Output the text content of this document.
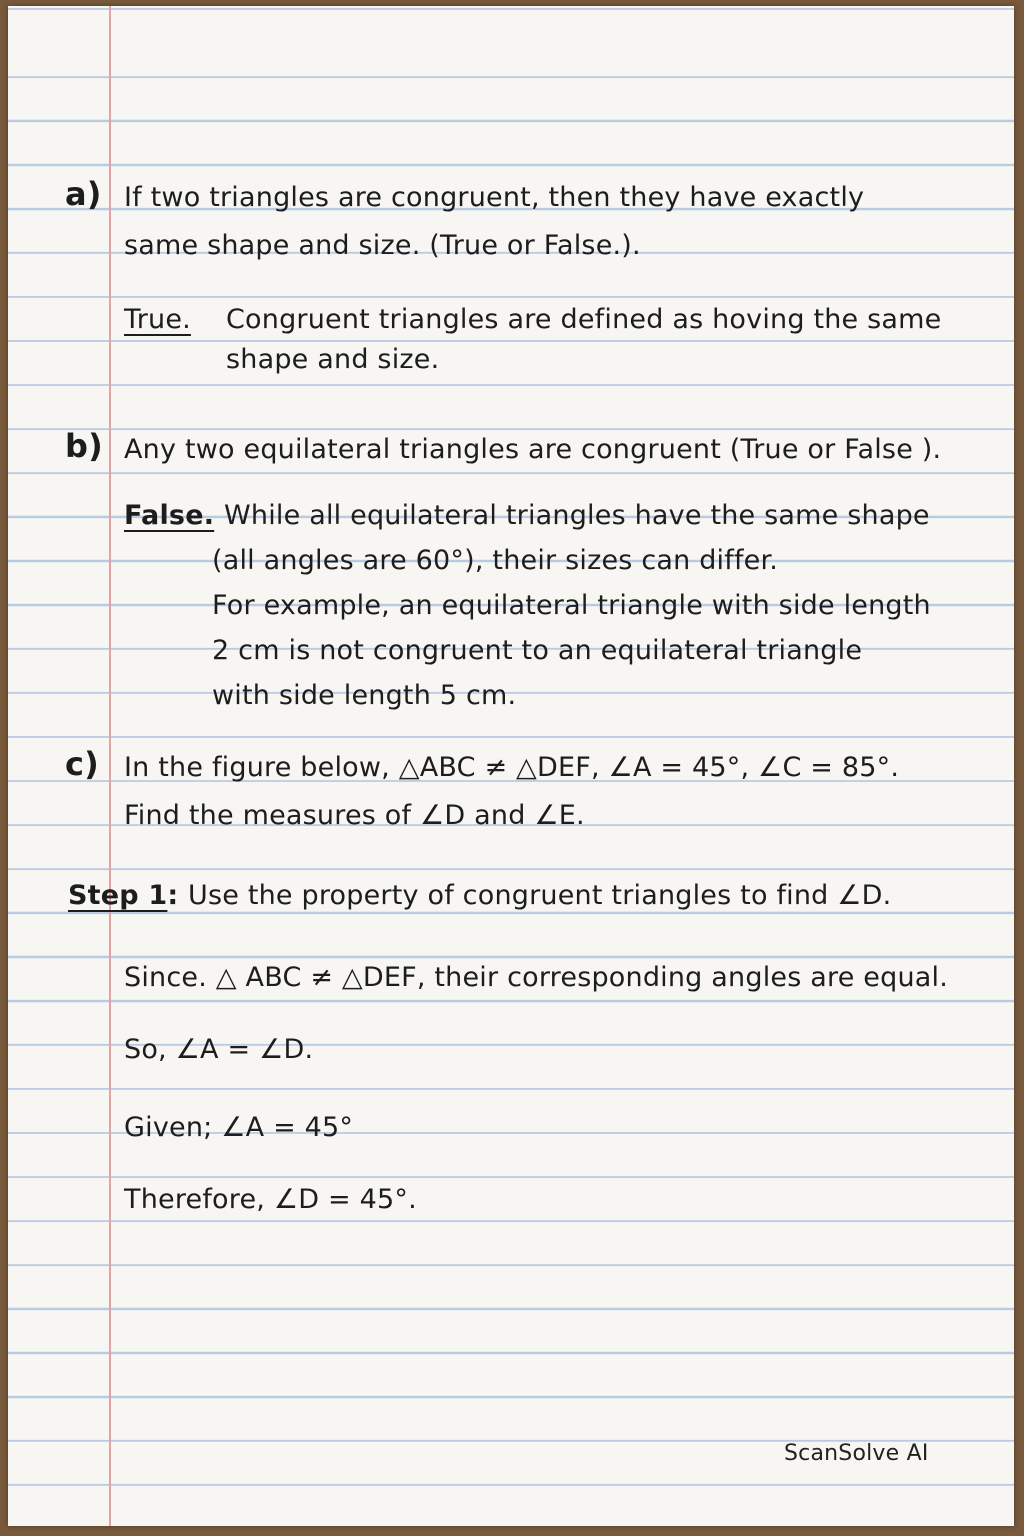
a) If two triangles are congruent, then they have exactly

same shape and size. (True or False.).

True. Congruent triangles are defined as hoving the same

shape and size.

b) Any two equilateral triangles are congruent (True or False ).

False. While all equilateral triangles have the same shape

(all angles are 60°), their sizes can differ.

For example, an equilateral triangle with side length

2 cm is not congruent to an equilateral triangle

with side length 5 cm.

c) In the figure below, △ABC ≠ △DEF, ∠A = 45°, ∠C = 85°.

Find the measures of ∠D and ∠E.

Step 1: Use the property of congruent triangles to find ∠D.

Since. △ ABC ≠ △DEF, their corresponding angles are equal.

So, ∠A = ∠D.

Given; ∠A = 45°

Therefore, ∠D = 45°.

ScanSolve AI
